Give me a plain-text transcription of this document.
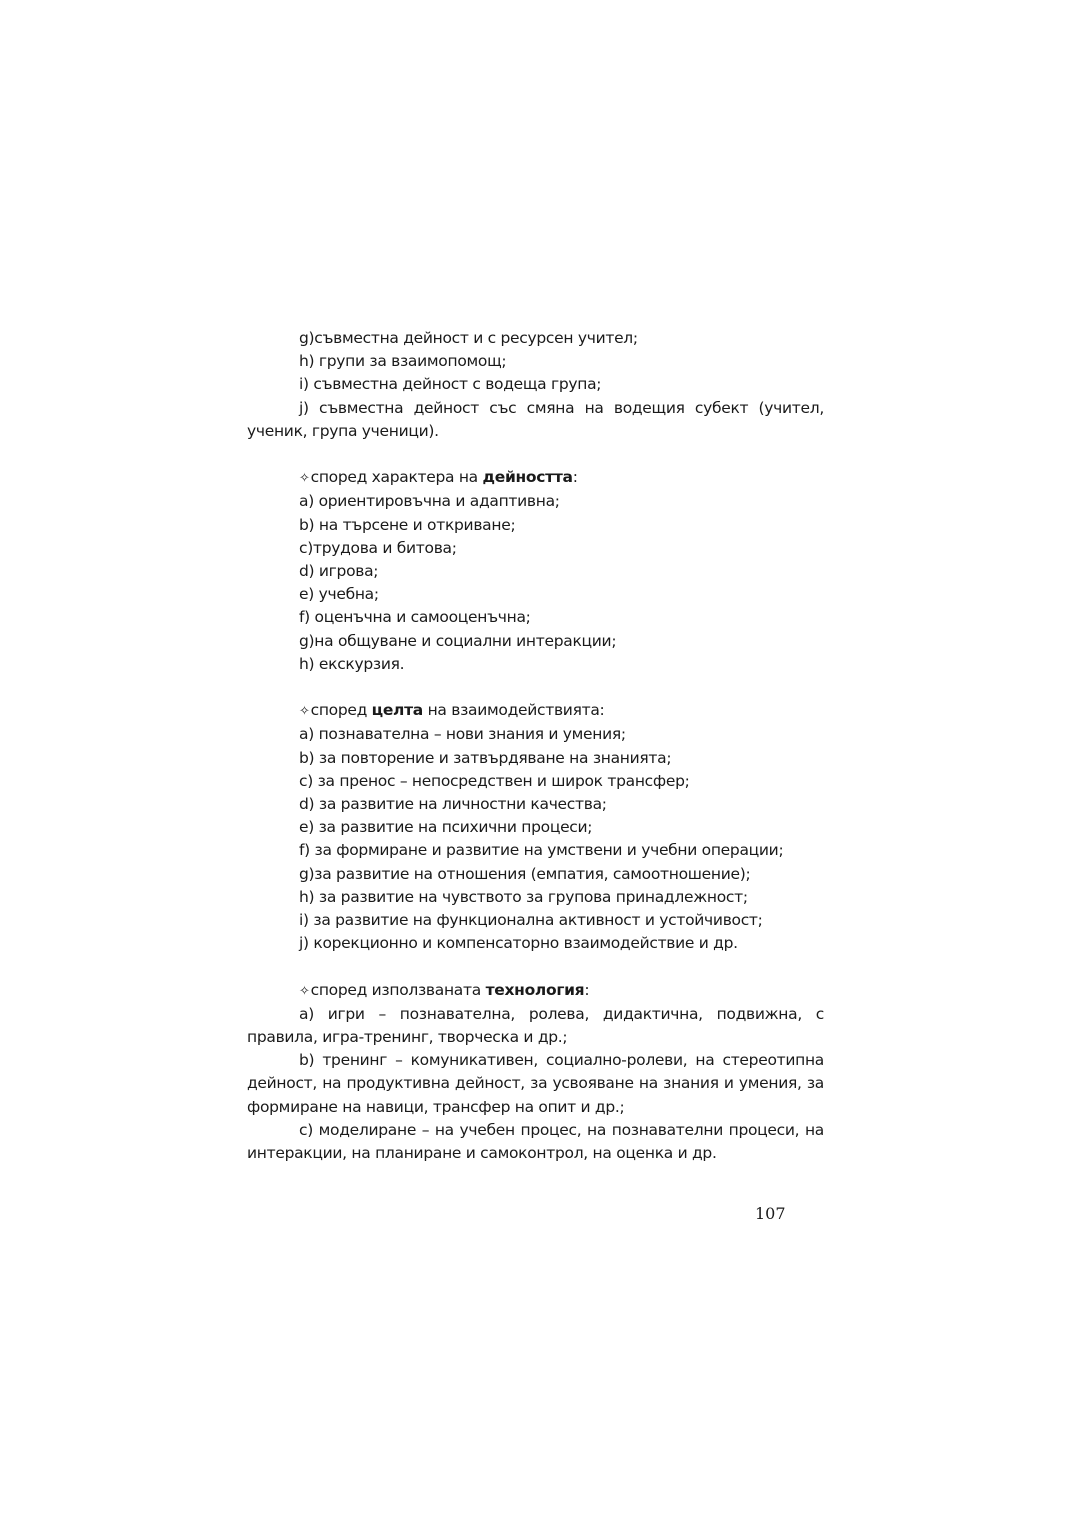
g)съвместна дейност и с ресурсен учител;
h) групи за взаимопомощ;
i) съвместна дейност с водеща група;
j) съвместна дейност със смяна на водещия субект (учител, ученик, група ученици).
✧според характера на дейността:
a) ориентировъчна и адаптивна;
b) на търсене и откриване;
c)трудова и битова;
d) игрова;
e) учебна;
f) оценъчна и самооценъчна;
g)на общуване и социални интеракции;
h) екскурзия.
✧според целта на взаимодействията:
a) познавателна – нови знания и умения;
b) за повторение и затвърдяване на знанията;
c) за пренос – непосредствен и широк трансфер;
d) за развитие на личностни качества;
e) за развитие на психични процеси;
f) за формиране и развитие на умствени и учебни операции;
g)за развитие на отношения (емпатия, самоотношение);
h) за развитие на чувството за групова принадлежност;
i) за развитие на функционална активност и устойчивост;
j) корекционно и компенсаторно взаимодействие и др.
✧според използваната технология:
a) игри – познавателна, ролева, дидактична, подвижна, с правила, игра-тренинг, творческа и др.;
b) тренинг – комуникативен, социално-ролеви, на стереотипна дейност, на продуктивна дейност, за усвояване на знания и умения, за формиране на навици, трансфер на опит и др.;
c) моделиране – на учебен процес, на познавателни процеси, на интеракции, на планиране и самоконтрол, на оценка и др.
107
